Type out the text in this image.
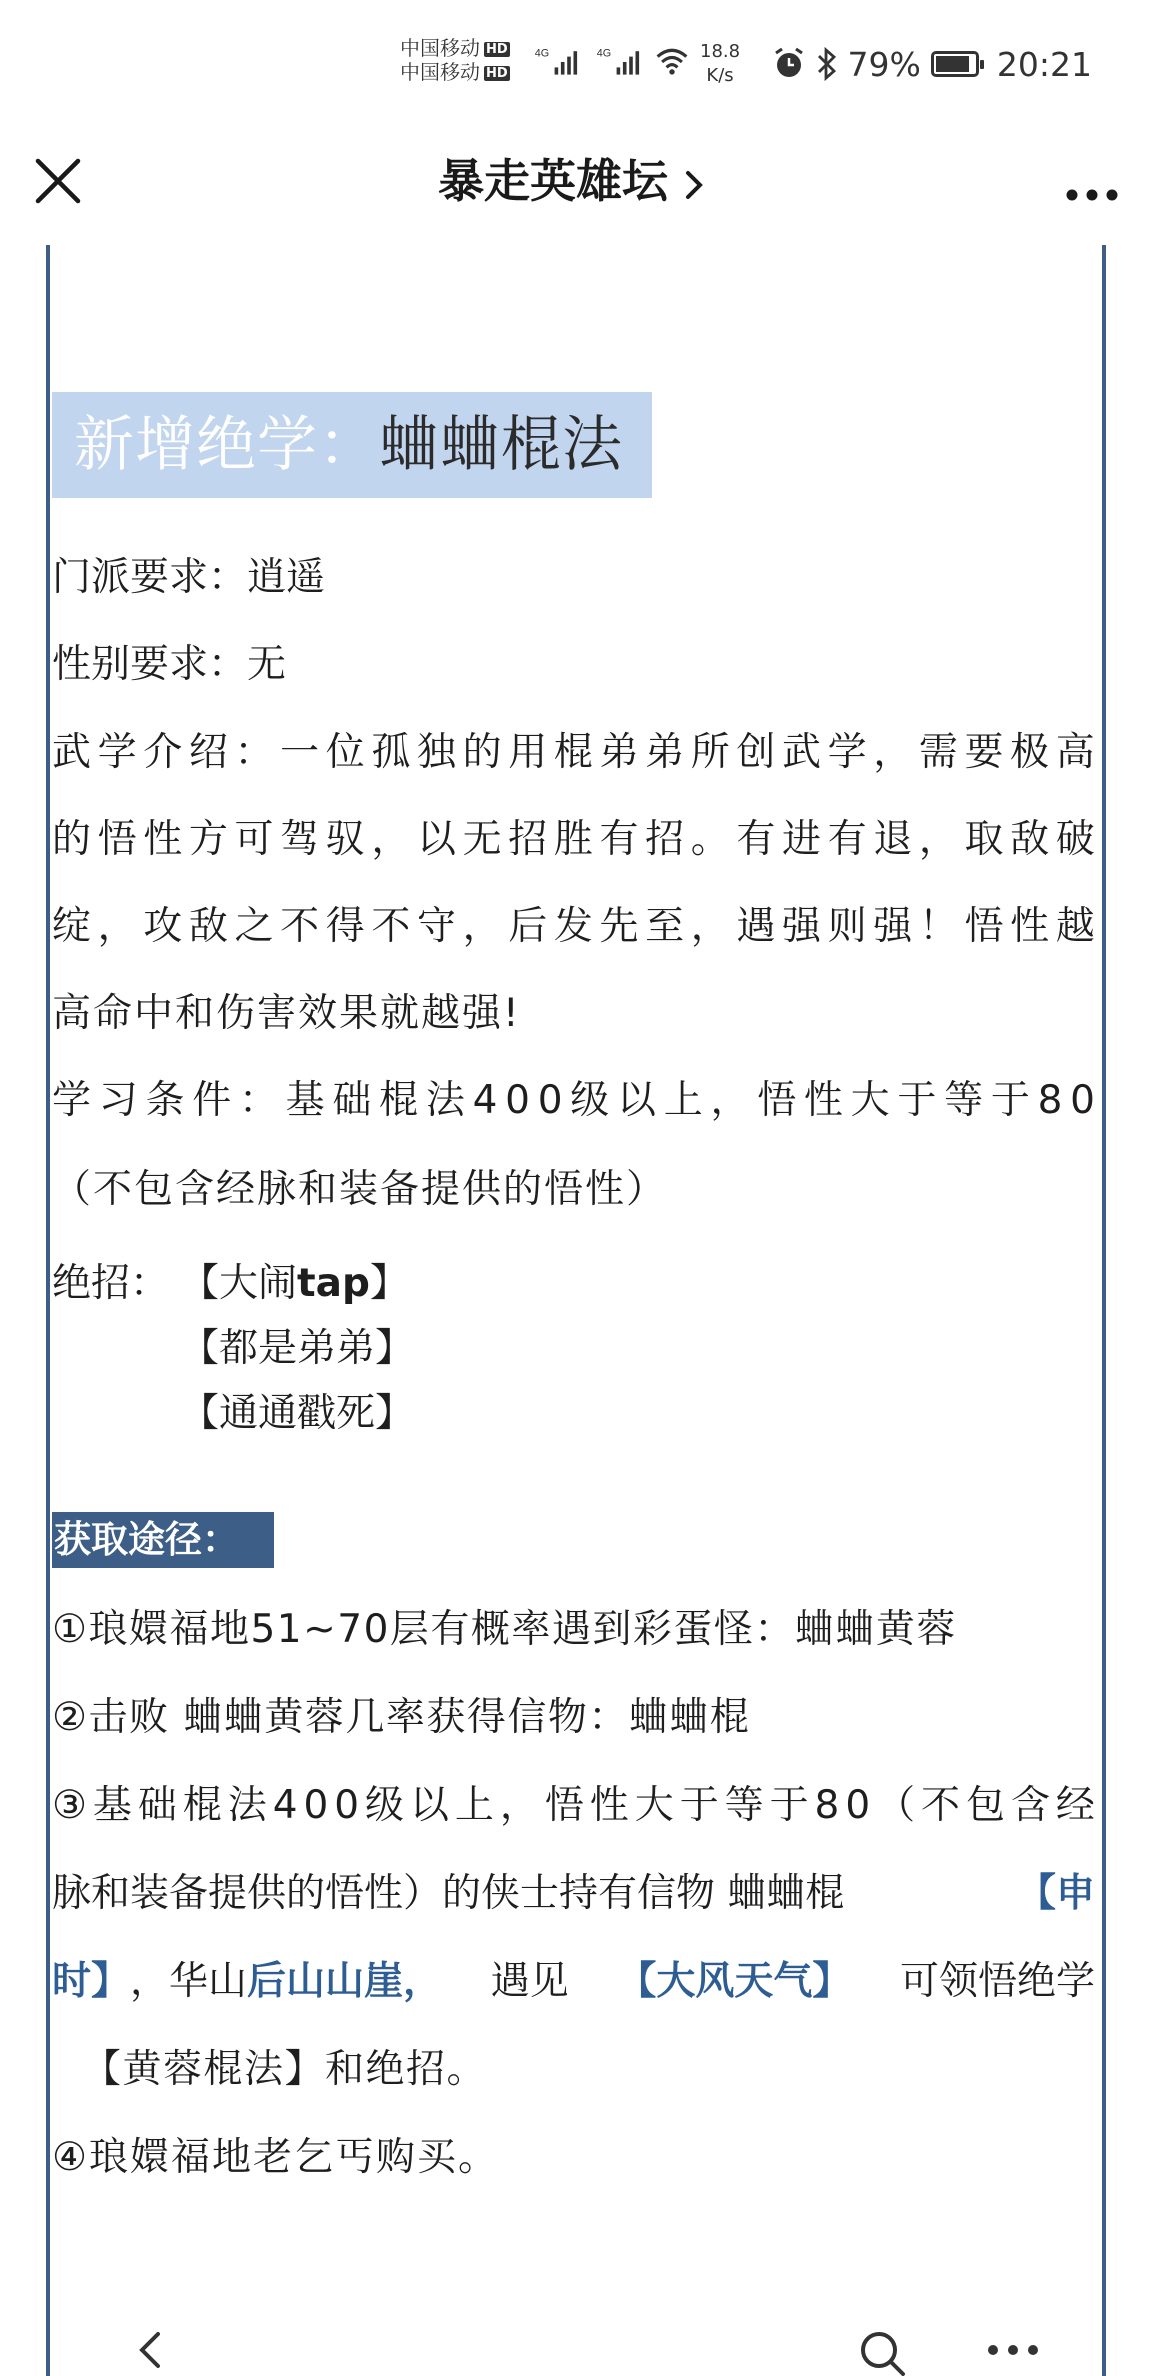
中国移动 HD
中国移动 HD
4G	4G	18.8
K/s	79% 20:21
暴走英雄坛
新增绝学：蛐蛐棍法
门派要求：逍遥
性别要求：无
武 学 介 绍 ： 一 位 孤 独 的 用 棍 弟 弟 所 创 武 学 ， 需 要 极 高
的 悟 性 方 可 驾 驭 ， 以 无 招 胜 有 招 。 有 进 有 退 ， 取 敌 破
绽 ， 攻 敌 之 不 得 不 守 ， 后 发 先 至 ， 遇 强 则 强 ！ 悟 性 越
高命中和伤害效果就越强!
学 习 条 件 ： 基 础 棍 法 4 0 0 级 以 上 ， 悟 性 大 于 等 于 8 0
（不包含经脉和装备提供的悟性）
绝招： 【大闹tap】
【都是弟弟】
【通通戳死】
获取途径：
①琅嬛福地51~70层有概率遇到彩蛋怪：蛐蛐黄蓉
②击败 蛐蛐黄蓉几率获得信物：蛐蛐棍
③ 基 础 棍 法 4 0 0 级 以 上 ， 悟 性 大 于 等 于 8 0 （ 不 包 含 经
脉和装备提供的悟性）的侠士持有信物 蛐蛐棍	【申
时】，华山后山山崖， 遇见 【大风天气】 可领悟绝学
【黄蓉棍法】和绝招。
④琅嬛福地老乞丐购买。
